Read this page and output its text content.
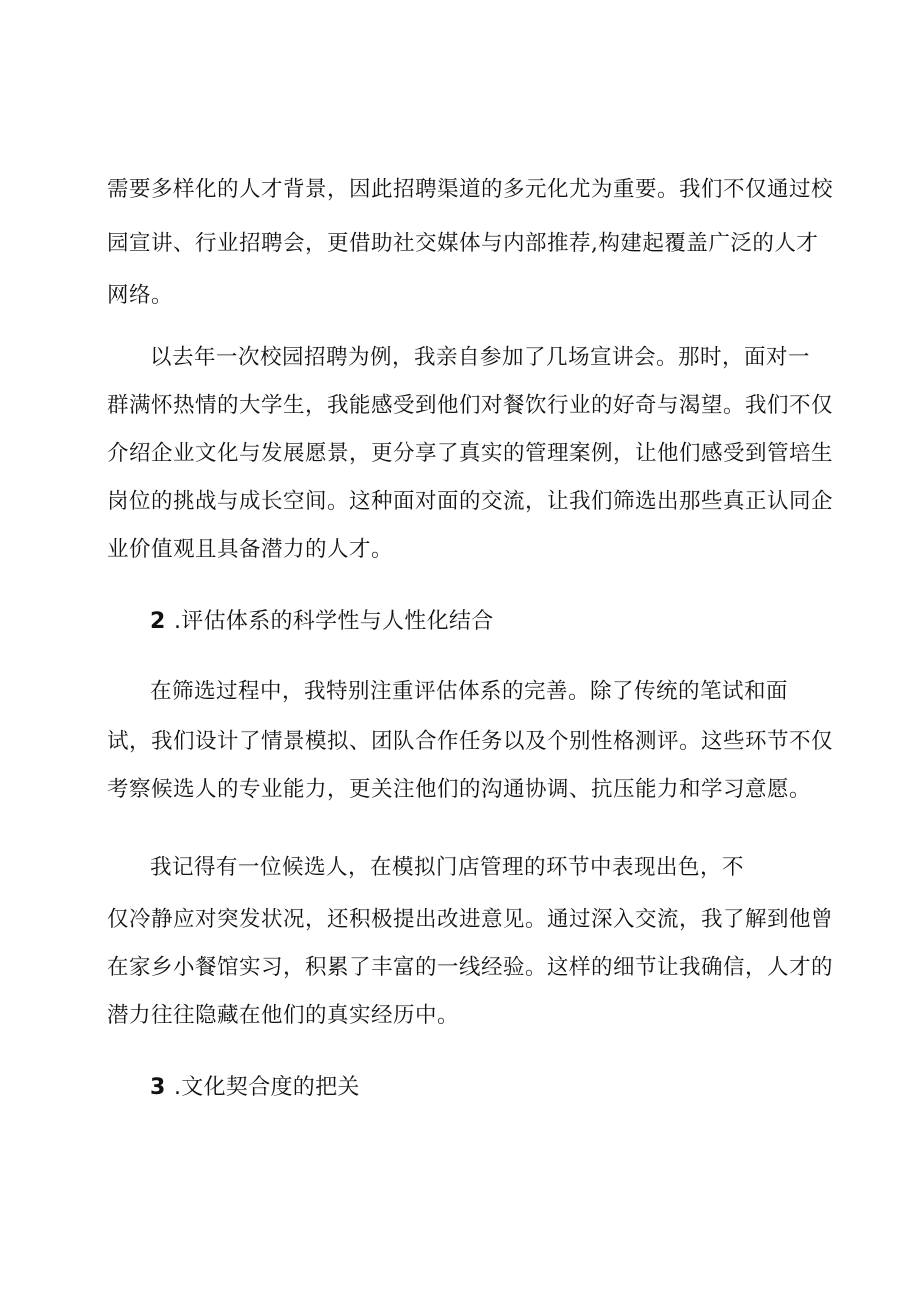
需要多样化的人才背景，因此招聘渠道的多元化尤为重要。我们不仅通过校
园宣讲、行业招聘会，更借助社交媒体与内部推荐,构建起覆盖广泛的人才
网络。
以去年一次校园招聘为例，我亲自参加了几场宣讲会。那时，面对一
群满怀热情的大学生，我能感受到他们对餐饮行业的好奇与渴望。我们不仅
介绍企业文化与发展愿景，更分享了真实的管理案例，让他们感受到管培生
岗位的挑战与成长空间。这种面对面的交流，让我们筛选出那些真正认同企
业价值观且具备潜力的人才。
2 .评估体系的科学性与人性化结合
在筛选过程中，我特别注重评估体系的完善。除了传统的笔试和面
试，我们设计了情景模拟、团队合作任务以及个别性格测评。这些环节不仅
考察候选人的专业能力，更关注他们的沟通协调、抗压能力和学习意愿。
我记得有一位候选人，在模拟门店管理的环节中表现出色，不
仅冷静应对突发状况，还积极提出改进意见。通过深入交流，我了解到他曾
在家乡小餐馆实习，积累了丰富的一线经验。这样的细节让我确信，人才的
潜力往往隐藏在他们的真实经历中。
3 .文化契合度的把关
